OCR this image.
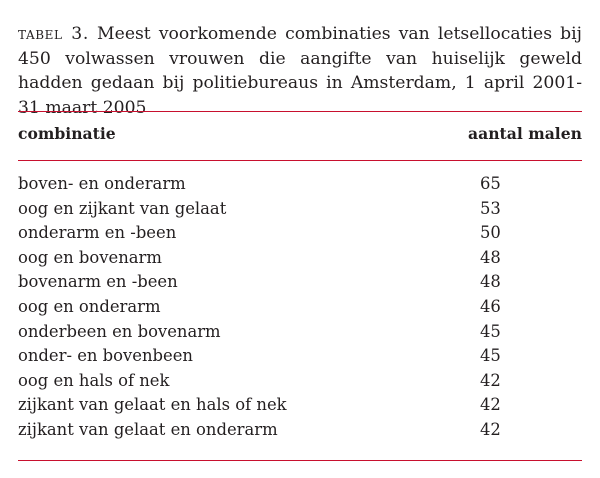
tabel 3. Meest voorkomende combinaties van letsellocaties bij 450 volwassen vrouwen die aangifte van huiselijk geweld hadden gedaan bij politiebureaus in Amsterdam, 1 april 2001-31 maart 2005
combinatie	aantal malen
boven- en onderarm	65
oog en zijkant van gelaat	53
onderarm en -been	50
oog en bovenarm	48
bovenarm en -been	48
oog en onderarm	46
onderbeen en bovenarm	45
onder- en bovenbeen	45
oog en hals of nek	42
zijkant van gelaat en hals of nek	42
zijkant van gelaat en onderarm	42
